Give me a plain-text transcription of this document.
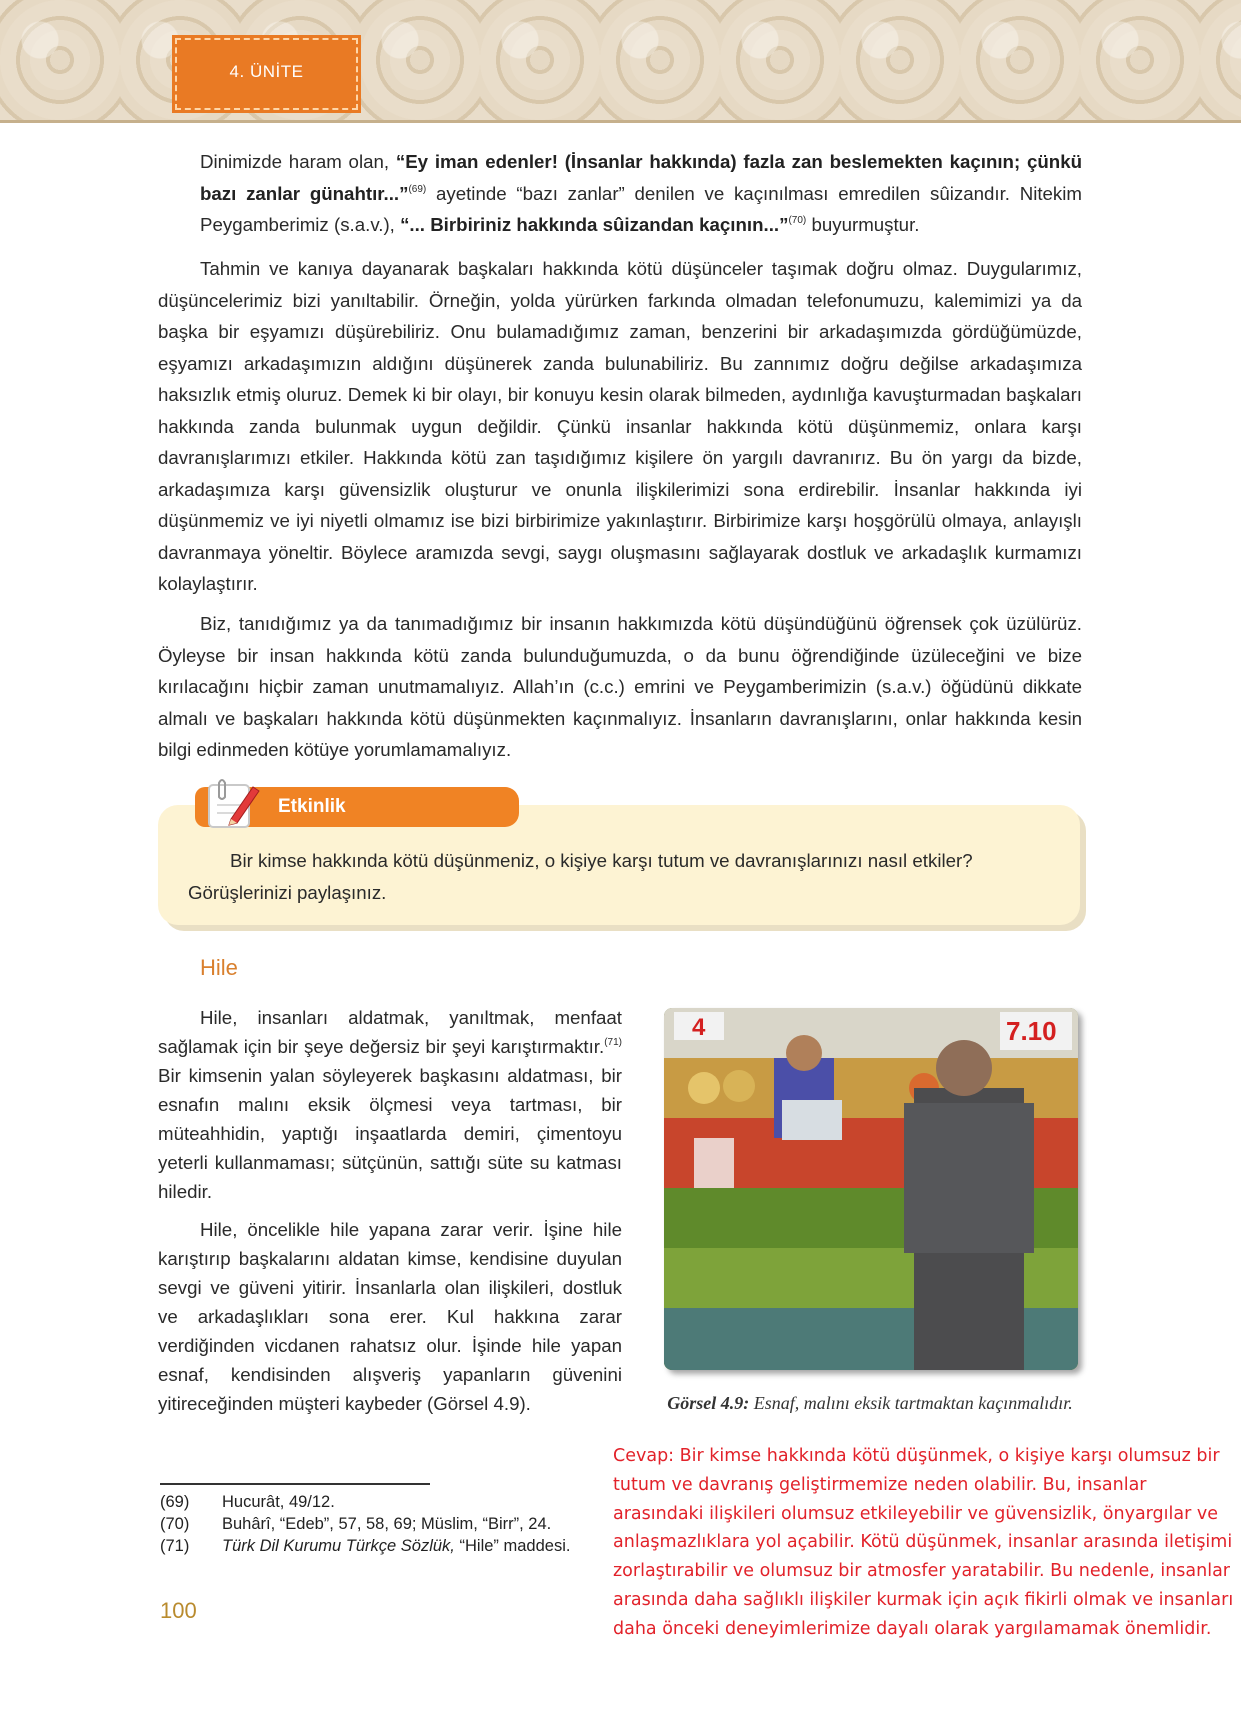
4. ÜNİTE

Dinimizde haram olan, “Ey iman edenler! (İnsanlar hakkında) fazla zan beslemekten kaçının; çünkü bazı zanlar günahtır...”$^{(69)}$ ayetinde “bazı zanlar” denilen ve kaçınılması emredilen sûizandır. Nitekim Peygamberimiz (s.a.v.), “... Birbiriniz hakkında sûizandan kaçının...”$^{(70)}$ buyurmuştur.

Tahmin ve kanıya dayanarak başkaları hakkında kötü düşünceler taşımak doğru olmaz. Duygularımız, düşüncelerimiz bizi yanıltabilir. Örneğin, yolda yürürken farkında olmadan telefonumuzu, kalemimizi ya da başka bir eşyamızı düşürebiliriz. Onu bulamadığımız zaman, benzerini bir arkadaşımızda gördüğümüzde, eşyamızı arkadaşımızın aldığını düşünerek zanda bulunabiliriz. Bu zannımız doğru değilse arkadaşımıza haksızlık etmiş oluruz. Demek ki bir olayı, bir konuyu kesin olarak bilmeden, aydınlığa kavuşturmadan başkaları hakkında zanda bulunmak uygun değildir. Çünkü insanlar hakkında kötü düşünmemiz, onlara karşı davranışlarımızı etkiler. Hakkında kötü zan taşıdığımız kişilere ön yargılı davranırız. Bu ön yargı da bizde, arkadaşımıza karşı güvensizlik oluşturur ve onunla ilişkilerimizi sona erdirebilir. İnsanlar hakkında iyi düşünmemiz ve iyi niyetli olmamız ise bizi birbirimize yakınlaştırır. Birbirimize karşı hoşgörülü olmaya, anlayışlı davranmaya yöneltir. Böylece aramızda sevgi, saygı oluşmasını sağlayarak dostluk ve arkadaşlık kurmamızı kolaylaştırır.

Biz, tanıdığımız ya da tanımadığımız bir insanın hakkımızda kötü düşündüğünü öğrensek çok üzülürüz. Öyleyse bir insan hakkında kötü zanda bulunduğumuzda, o da bunu öğrendiğinde üzüleceğini ve bize kırılacağını hiçbir zaman unutmamalıyız. Allah’ın (c.c.) emrini ve Peygamberimizin (s.a.v.) öğüdünü dikkate almalı ve başkaları hakkında kötü düşünmekten kaçınmalıyız. İnsanların davranışlarını, onlar hakkında kesin bilgi edinmeden kötüye yorumlamamalıyız.

Etkinlik

Bir kimse hakkında kötü düşünmeniz, o kişiye karşı tutum ve davranışlarınızı nasıl etkiler? Görüşlerinizi paylaşınız.

Hile

Hile, insanları aldatmak, yanıltmak, menfaat sağlamak için bir şeye değersiz bir şeyi karıştırmaktır.$^{(71)}$ Bir kimsenin yalan söyleyerek başkasını aldatması, bir esnafın malını eksik ölçmesi veya tartması, bir müteahhidin, yaptığı inşaatlarda demiri, çimentoyu yeterli kullanmaması; sütçünün, sattığı süte su katması hiledir.

Hile, öncelikle hile yapana zarar verir. İşine hile karıştırıp başkalarını aldatan kimse, kendisine duyulan sevgi ve güveni yitirir. İnsanlarla olan ilişkileri, dostluk ve arkadaşlıkları sona erer. Kul hakkına zarar verdiğinden vicdanen rahatsız olur. İşinde hile yapan esnaf, kendisinden alışveriş yapanların güvenini yitireceğinden müşteri kaybeder (Görsel 4.9).

4	7.10
Görsel 4.9: Esnaf, malını eksik tartmaktan kaçınmalıdır.
(69) Hucurât, 49/12.
(70) Buhârî, “Edeb”, 57, 58, 69; Müslim, “Birr”, 24.
(71) Türk Dil Kurumu Türkçe Sözlük, “Hile” maddesi.
100

Cevap: Bir kimse hakkında kötü düşünmek, o kişiye karşı olumsuz bir tutum ve davranış geliştirmemize neden olabilir. Bu, insanlar arasındaki ilişkileri olumsuz etkileyebilir ve güvensizlik, önyargılar ve anlaşmazlıklara yol açabilir. Kötü düşünmek, insanlar arasında iletişimi zorlaştırabilir ve olumsuz bir atmosfer yaratabilir. Bu nedenle, insanlar arasında daha sağlıklı ilişkiler kurmak için açık fikirli olmak ve insanları daha önceki deneyimlerimize dayalı olarak yargılamamak önemlidir.
